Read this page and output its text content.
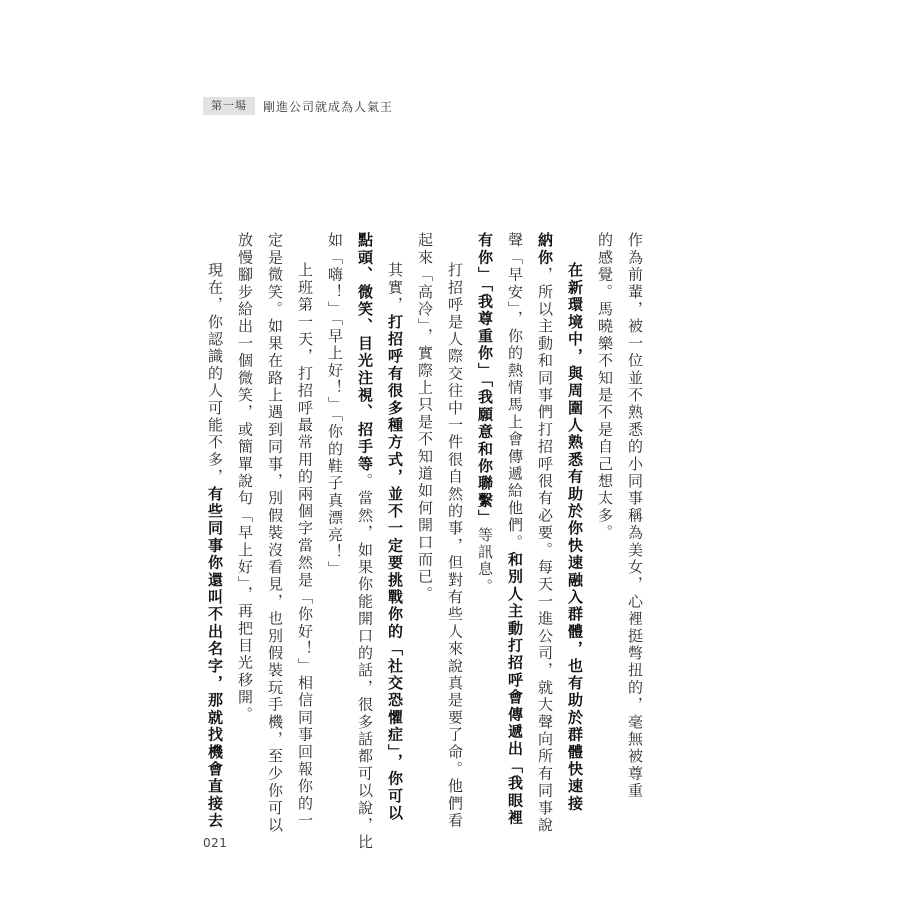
第一場	剛進公司就成為人氣王
作為前輩，被一位並不熟悉的小同事稱為美女，心裡挺彆扭的，毫無被尊重
的感覺。馬曉樂不知是不是自己想太多。
在新環境中，與周圍人熟悉有助於你快速融入群體，也有助於群體快速接
納你，所以主動和同事們打招呼很有必要。每天一進公司，就大聲向所有同事說
聲「早安」，你的熱情馬上會傳遞給他們。和別人主動打招呼會傳遞出「我眼裡
有你」「我尊重你」「我願意和你聯繫」等訊息。
打招呼是人際交往中一件很自然的事，但對有些人來說真是要了命。他們看
起來「高冷」，實際上只是不知道如何開口而已。
其實，打招呼有很多種方式，並不一定要挑戰你的「社交恐懼症」，你可以
點頭、微笑、目光注視、招手等。當然，如果你能開口的話，很多話都可以說，比
如「嗨！」「早上好！」「你的鞋子真漂亮！」
上班第一天，打招呼最常用的兩個字當然是「你好！」相信同事回報你的一
定是微笑。如果在路上遇到同事，別假裝沒看見，也別假裝玩手機，至少你可以
放慢腳步給出一個微笑，或簡單說句「早上好」，再把目光移開。
現在，你認識的人可能不多，有些同事你還叫不出名字，那就找機會直接去
021
